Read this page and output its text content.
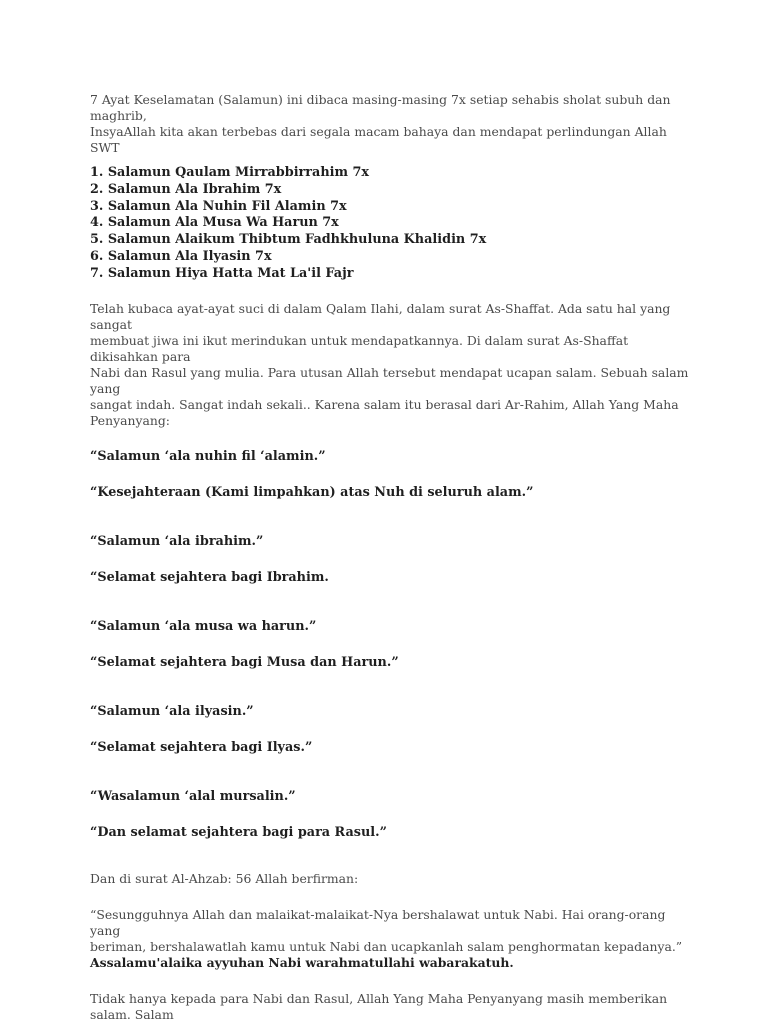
7 Ayat Keselamatan (Salamun) ini dibaca masing-masing 7x setiap sehabis sholat subuh dan maghrib,
InsyaAllah kita akan terbebas dari segala macam bahaya dan mendapat perlindungan Allah SWT

1. Salamun Qaulam Mirrabbirrahim 7x
2. Salamun Ala Ibrahim 7x
3. Salamun Ala Nuhin Fil Alamin 7x
4. Salamun Ala Musa Wa Harun 7x
5. Salamun Alaikum Thibtum Fadhkhuluna Khalidin 7x
6. Salamun Ala Ilyasin 7x
7. Salamun Hiya Hatta Mat La'il Fajr

Telah kubaca ayat-ayat suci di dalam Qalam Ilahi, dalam surat As-Shaffat. Ada satu hal yang sangat
membuat jiwa ini ikut merindukan untuk mendapatkannya. Di dalam surat As-Shaffat dikisahkan para
Nabi dan Rasul yang mulia. Para utusan Allah tersebut mendapat ucapan salam. Sebuah salam yang
sangat indah. Sangat indah sekali.. Karena salam itu berasal dari Ar-Rahim, Allah Yang Maha
Penyanyang:

“Salamun ‘ala nuhin fil ‘alamin.”

“Kesejahteraan (Kami limpahkan) atas Nuh di seluruh alam.”

“Salamun ‘ala ibrahim.”

“Selamat sejahtera bagi Ibrahim.

“Salamun ‘ala musa wa harun.”

“Selamat sejahtera bagi Musa dan Harun.”

“Salamun ‘ala ilyasin.”

“Selamat sejahtera bagi Ilyas.”

“Wasalamun ‘alal mursalin.”

“Dan selamat sejahtera bagi para Rasul.”

Dan di surat Al-Ahzab: 56 Allah berfirman:

“Sesungguhnya Allah dan malaikat-malaikat-Nya bershalawat untuk Nabi. Hai orang-orang yang
beriman, bershalawatlah kamu untuk Nabi dan ucapkanlah salam penghormatan kepadanya.”
Assalamu'alaika ayyuhan Nabi warahmatullahi wabarakatuh.

Tidak hanya kepada para Nabi dan Rasul, Allah Yang Maha Penyanyang masih memberikan salam. Salam
